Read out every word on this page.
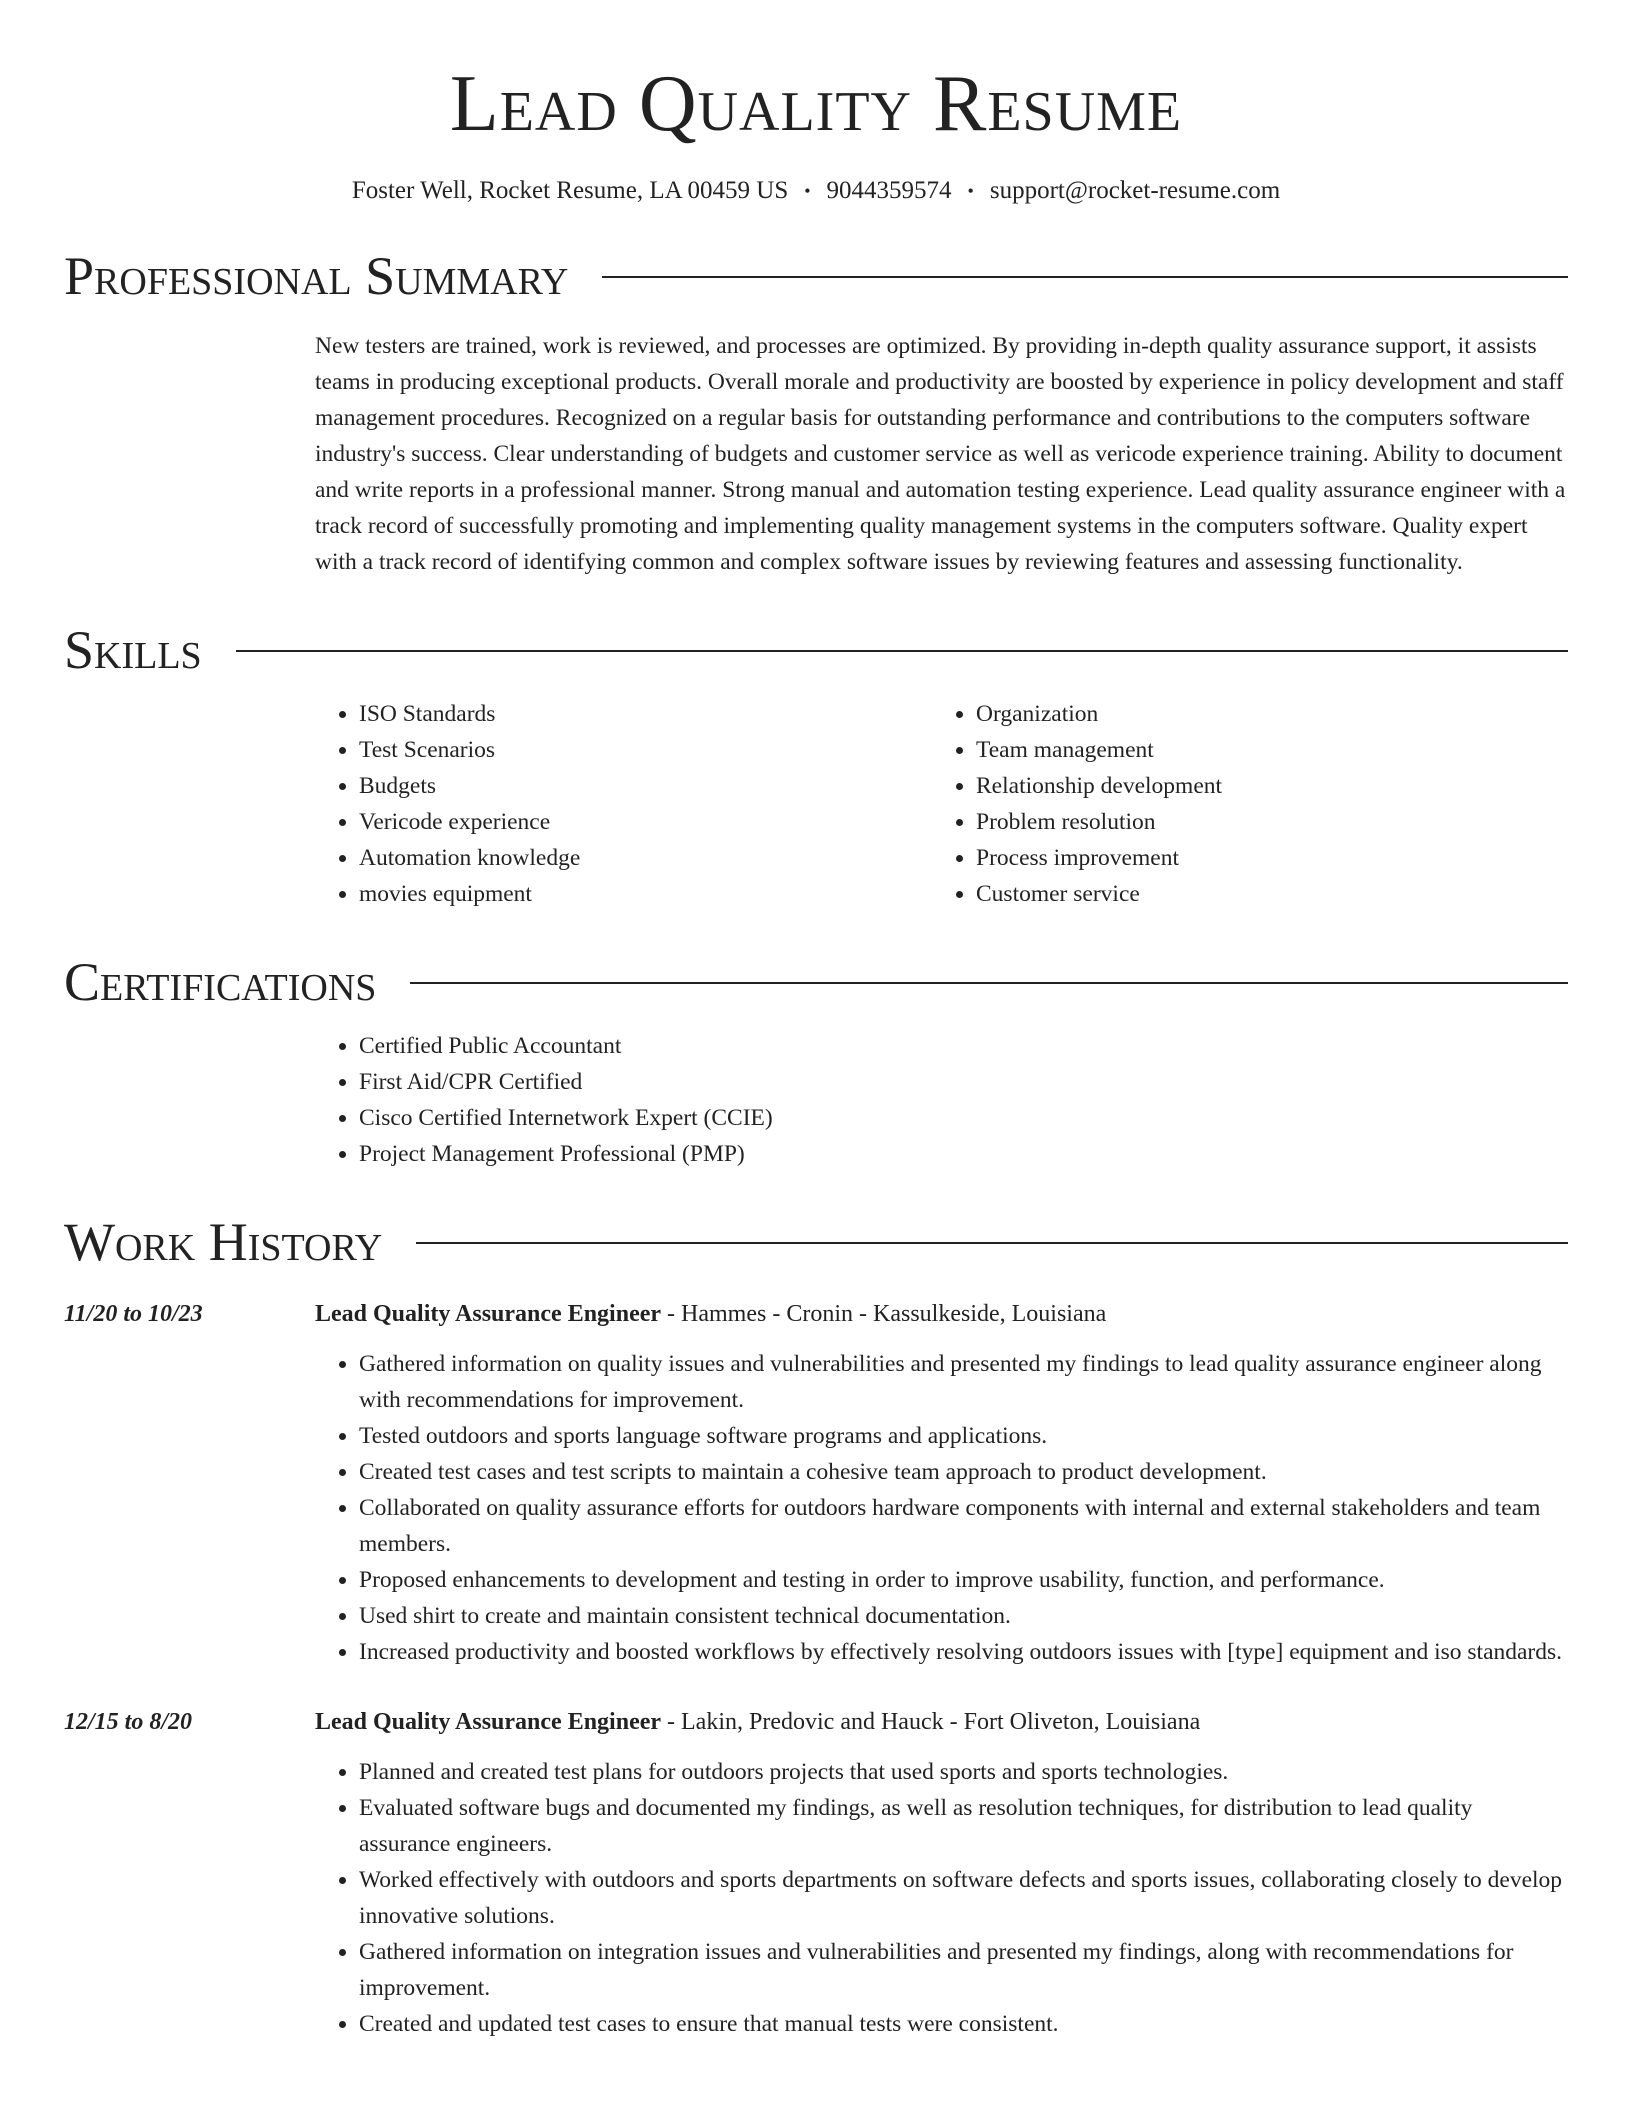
Lead Quality Resume
Foster Well, Rocket Resume, LA 00459 US • 9044359574 • support@rocket-resume.com
Professional Summary

New testers are trained, work is reviewed, and processes are optimized. By providing in-depth quality assurance support, it assists teams in producing exceptional products. Overall morale and productivity are boosted by experience in policy development and staff management procedures. Recognized on a regular basis for outstanding performance and contributions to the computers software industry's success. Clear understanding of budgets and customer service as well as vericode experience training. Ability to document and write reports in a professional manner. Strong manual and automation testing experience. Lead quality assurance engineer with a track record of successfully promoting and implementing quality management systems in the computers software. Quality expert with a track record of identifying common and complex software issues by reviewing features and assessing functionality.

Skills
• ISO Standards
• Test Scenarios
• Budgets
• Vericode experience
• Automation knowledge
• movies equipment
• Organization
• Team management
• Relationship development
• Problem resolution
• Process improvement
• Customer service
Certifications
• Certified Public Accountant
• First Aid/CPR Certified
• Cisco Certified Internetwork Expert (CCIE)
• Project Management Professional (PMP)
Work History
11/20 to 10/23	Lead Quality Assurance Engineer - Hammes - Cronin - Kassulkeside, Louisiana
• Gathered information on quality issues and vulnerabilities and presented my findings to lead quality assurance engineer along with recommendations for improvement.
• Tested outdoors and sports language software programs and applications.
• Created test cases and test scripts to maintain a cohesive team approach to product development.
• Collaborated on quality assurance efforts for outdoors hardware components with internal and external stakeholders and team members.
• Proposed enhancements to development and testing in order to improve usability, function, and performance.
• Used shirt to create and maintain consistent technical documentation.
• Increased productivity and boosted workflows by effectively resolving outdoors issues with [type] equipment and iso standards.
12/15 to 8/20	Lead Quality Assurance Engineer - Lakin, Predovic and Hauck - Fort Oliveton, Louisiana
• Planned and created test plans for outdoors projects that used sports and sports technologies.
• Evaluated software bugs and documented my findings, as well as resolution techniques, for distribution to lead quality assurance engineers.
• Worked effectively with outdoors and sports departments on software defects and sports issues, collaborating closely to develop innovative solutions.
• Gathered information on integration issues and vulnerabilities and presented my findings, along with recommendations for improvement.
• Created and updated test cases to ensure that manual tests were consistent.
